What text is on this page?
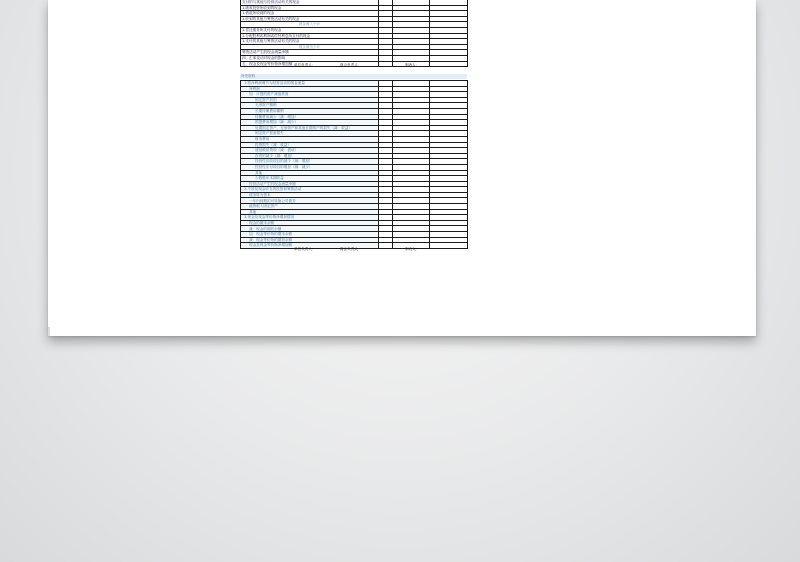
支付的与其他与经营活动有关的现金			
1.吸收投资所收到的现金			
1.借款所收到的现金			
1.收到的其他与筹资活动有关的现金			
现金流入小计			
1.偿还债务所支付的现金			
1.分配股利或利润或偿付利息所支付的现金			
1.支付的其他与筹资活动有关的现金			
现金流出小计			
筹资活动产生的现金流量净额			
四、汇率变动对现金的影响			
五、现金及现金等价物净增加额			单位负责人：	财会负责人：	制表人：
补充资料
1.将净利润调节为经营活动的现金流量			
净利润			
加：计提的资产减值准备			
固定资产折旧			
无形资产摊销			
长期待摊费用摊销			
待摊费用减少（减：增加）			
预提费用增加（减：减少）			
处置固定资产、无形资产和其他长期资产的损失（减：收益）			
固定资产报废损失			
财务费用			
投资损失（减：收益）			
递延税款贷项（减：借项）			
存货的减少（减：增加）			
经营性应收项目的减少（减：增加）			
经营性应付项目的增加（减：减少）			
其他			
少数股东本期收益			
经营活动产生的现金流量净额			
2.不涉及现金收支的投资和筹资活动			
债务转为资本			
一年内到期的可转换公司债券			
融资租入固定资产			
其他			
3.现金及现金等价物净增加情况			
现金的期末余额			
减：现金的期初余额			
加：现金等价物的期末余额			
减：现金等价物的期初余额			
现金及现金等价物净增加额			
单位负责人：	财会负责人：	制表人：
